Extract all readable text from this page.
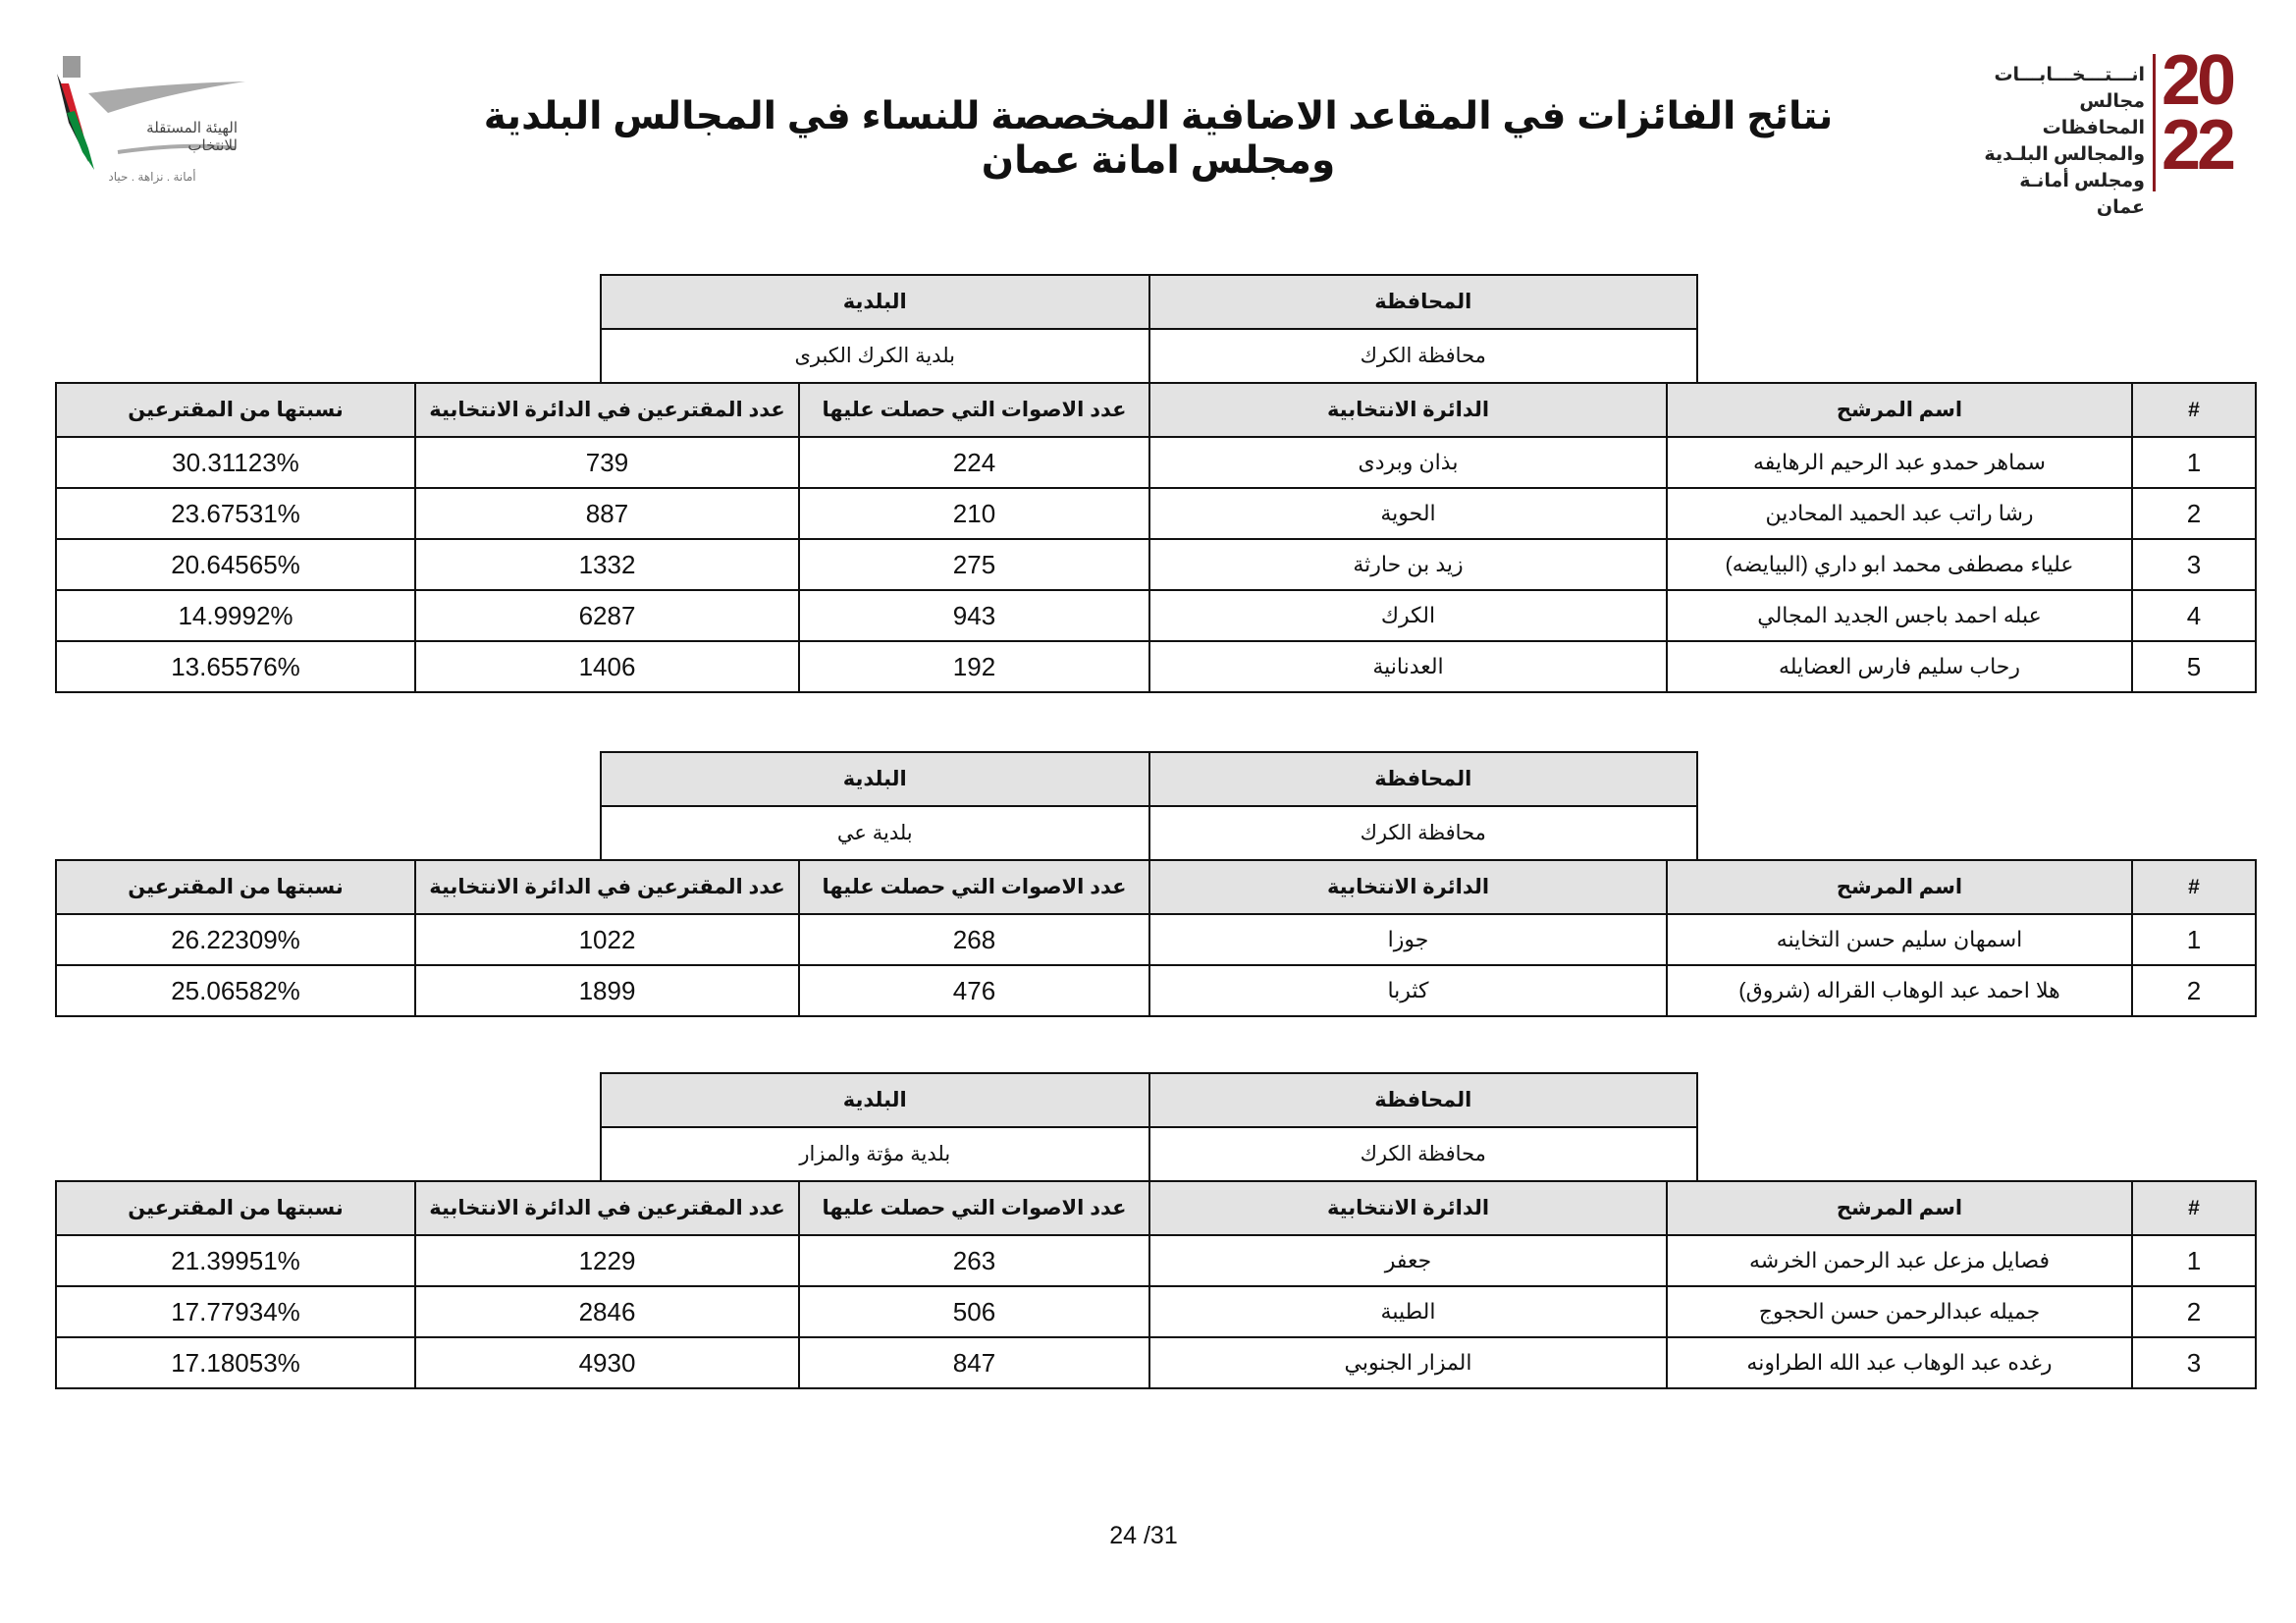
الهيئة المستقلة للانتخاب
أمانة . نزاهة . حياد
نتائج الفائزات في المقاعد الاضافية المخصصة للنساء في المجالس البلدية ومجلس امانة عمان
انـــتـــخـــابـــات
مجالس المحافظات
والمجالس البلـدية
ومجلس أمانـة عمان
20
22
المحافظة	البلدية
محافظة الكرك	بلدية الكرك الكبرى
#	اسم المرشح	الدائرة الانتخابية	عدد الاصوات التي حصلت عليها	عدد المقترعين في الدائرة الانتخابية	نسبتها من المقترعين
1	سماهر حمدو عبد الرحيم الرهايفه	بذان وبردى	224	739	30.31123%
2	رشا راتب عبد الحميد المحادين	الحوية	210	887	23.67531%
3	علياء مصطفى محمد ابو داري (البيايضه)	زيد بن حارثة	275	1332	20.64565%
4	عبله احمد باجس الجديد المجالي	الكرك	943	6287	14.9992%
5	رحاب سليم فارس العضايله	العدنانية	192	1406	13.65576%
المحافظة	البلدية
محافظة الكرك	بلدية عي
#	اسم المرشح	الدائرة الانتخابية	عدد الاصوات التي حصلت عليها	عدد المقترعين في الدائرة الانتخابية	نسبتها من المقترعين
1	اسمهان سليم حسن التخاينه	جوزا	268	1022	26.22309%
2	هلا احمد عبد الوهاب القراله (شروق)	كثربا	476	1899	25.06582%
المحافظة	البلدية
محافظة الكرك	بلدية مؤتة والمزار
#	اسم المرشح	الدائرة الانتخابية	عدد الاصوات التي حصلت عليها	عدد المقترعين في الدائرة الانتخابية	نسبتها من المقترعين
1	فصايل مزعل عبد الرحمن الخرشه	جعفر	263	1229	21.39951%
2	جميله عبدالرحمن حسن الحجوج	الطيبة	506	2846	17.77934%
3	رغده عبد الوهاب عبد الله الطراونه	المزار الجنوبي	847	4930	17.18053%
24 /31
